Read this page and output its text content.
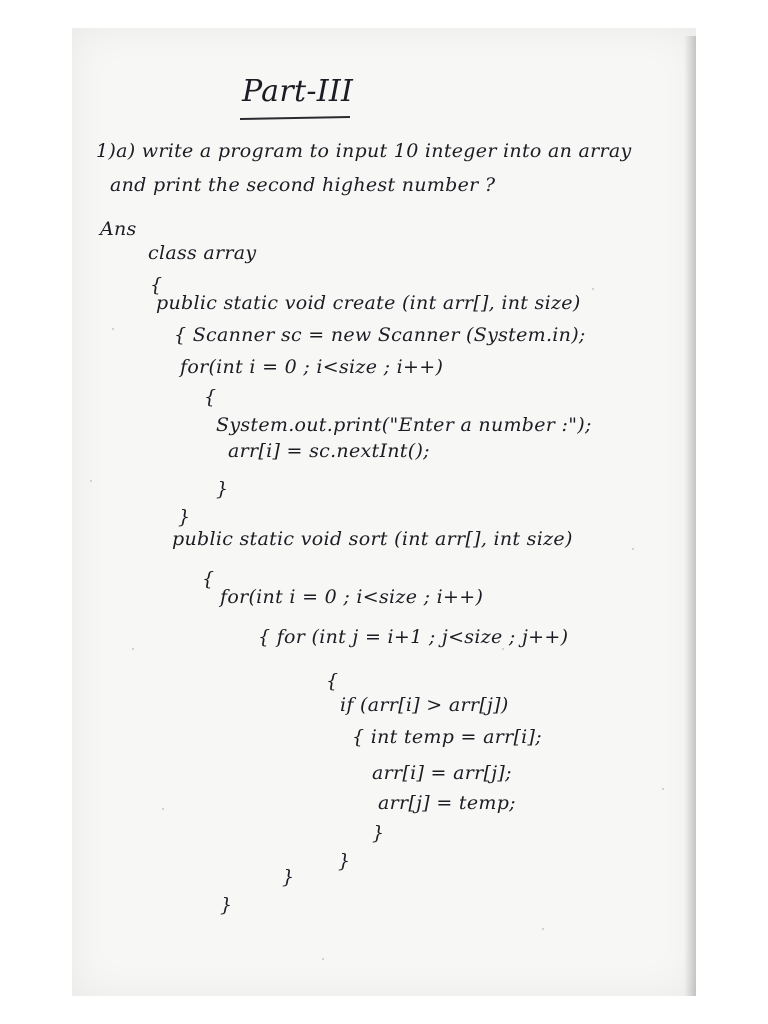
Part-III
1)a) write a program to input 10 integer into an array
and print the second highest number ?
Ans
class array
{
public static void create (int arr[], int size)
{ Scanner sc = new Scanner (System.in);
for(int i = 0 ; i<size ; i++)
{
System.out.print("Enter a number :");
arr[i] = sc.nextInt();
}
}
public static void sort (int arr[], int size)
{
for(int i = 0 ; i<size ; i++)
{ for (int j = i+1 ; j<size ; j++)
{
if (arr[i] > arr[j])
{ int temp = arr[i];
arr[i] = arr[j];
arr[j] = temp;
}
}
}
}
